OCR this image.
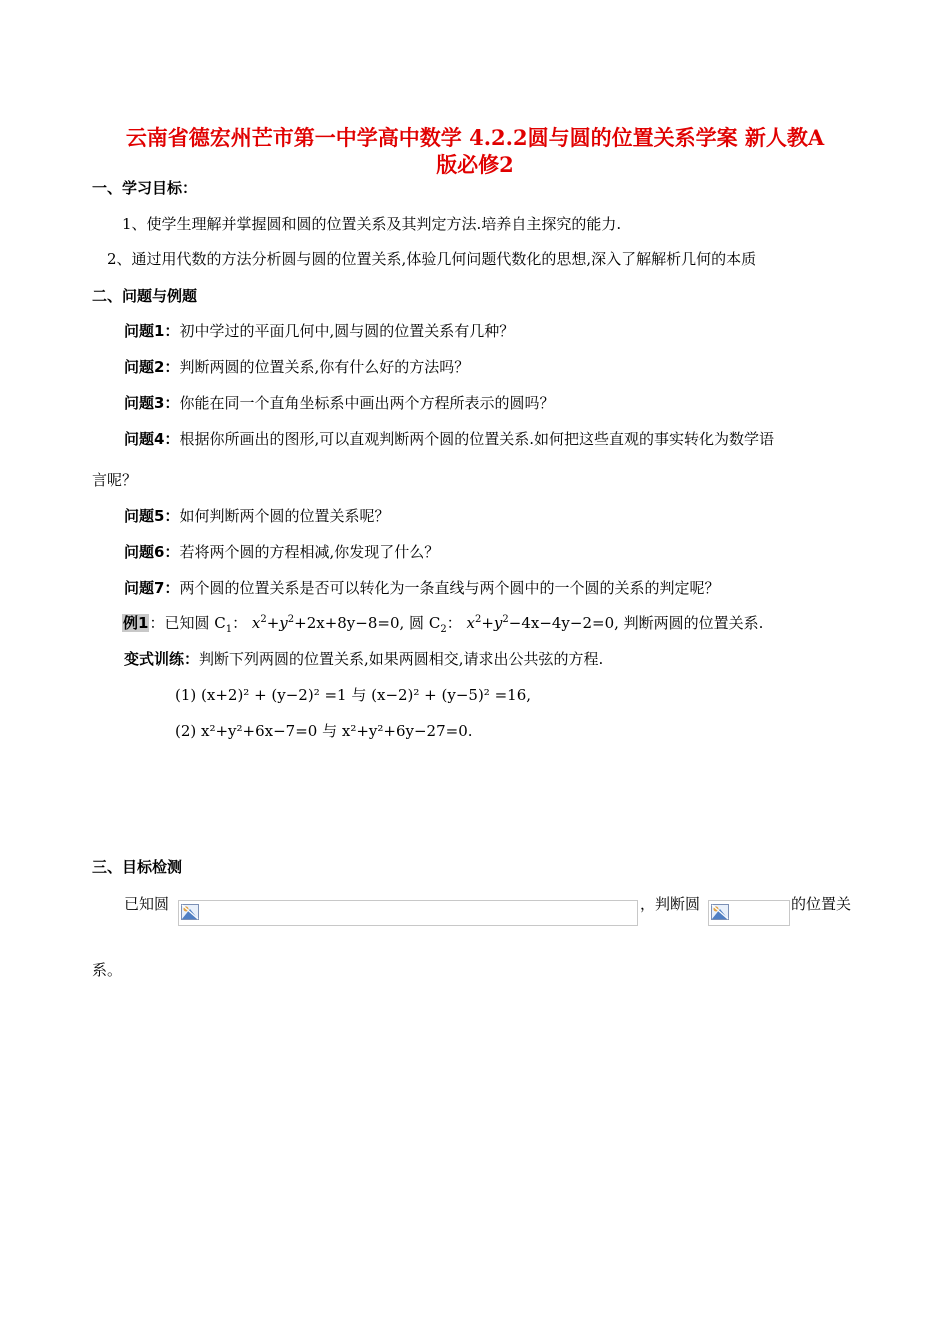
云南省德宏州芒市第一中学高中数学 4.2.2圆与圆的位置关系学案 新人教A
版必修2
一、学习目标：
1、使学生理解并掌握圆和圆的位置关系及其判定方法.培养自主探究的能力.
2、通过用代数的方法分析圆与圆的位置关系,体验几何问题代数化的思想,深入了解解析几何的本质
二、问题与例题
问题1：初中学过的平面几何中,圆与圆的位置关系有几种？
问题2：判断两圆的位置关系,你有什么好的方法吗？
问题3：你能在同一个直角坐标系中画出两个方程所表示的圆吗？
问题4：根据你所画出的图形,可以直观判断两个圆的位置关系.如何把这些直观的事实转化为数学语
言呢？
问题5：如何判断两个圆的位置关系呢？
问题6：若将两个圆的方程相减,你发现了什么？
问题7：两个圆的位置关系是否可以转化为一条直线与两个圆中的一个圆的关系的判定呢？
例1：已知圆 $C_1$： $x^2+y^2+2x+8y-8=0$, 圆 $C_2$： $x^2+y^2-4x-4y-2=0$, 判断两圆的位置关系.
变式训练：判断下列两圆的位置关系,如果两圆相交,请求出公共弦的方程.
(1) (x+2)² + (y−2)² =1 与 (x−2)² + (y−5)² =16,
(2) x²+y²+6x−7=0 与 x²+y²+6y−27=0.
三、目标检测
已知圆	，判断圆	的位置关
系。
